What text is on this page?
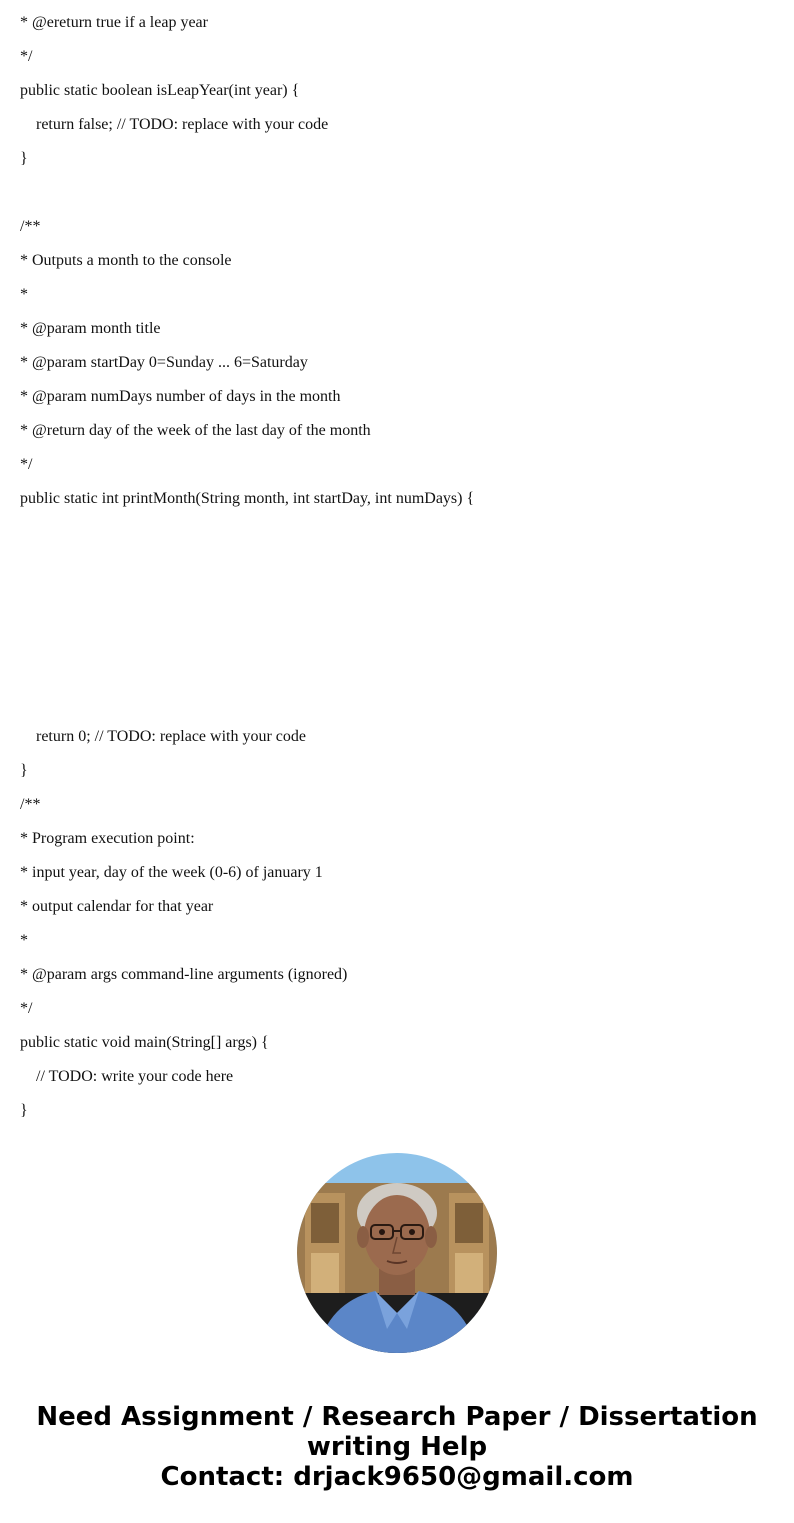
* @ereturn true if a leap year
*/
public static boolean isLeapYear(int year) {
return false; // TODO: replace with your code
}
/**
* Outputs a month to the console
*
* @param month title
* @param startDay 0=Sunday ... 6=Saturday
* @param numDays number of days in the month
* @return day of the week of the last day of the month
*/
public static int printMonth(String month, int startDay, int numDays) {
return 0; // TODO: replace with your code
}
/**
* Program execution point:
* input year, day of the week (0-6) of january 1
* output calendar for that year
*
* @param args command-line arguments (ignored)
*/
public static void main(String[] args) {
// TODO: write your code here
}
Need Assignment / Research Paper / Dissertation
writing Help
Contact: drjack9650@gmail.com
